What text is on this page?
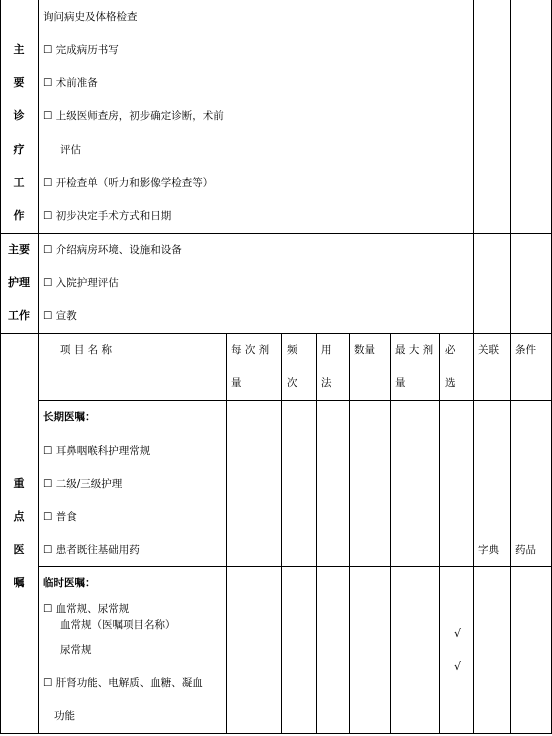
主
要
诊
疗
工
作
询问病史及体格检查
☐ 完成病历书写
☐ 术前准备
☐ 上级医师查房，初步确定诊断，术前
评估
☐ 开检查单（听力和影像学检查等）
☐ 初步决定手术方式和日期
主要
护理
工作
☐ 介绍病房环境、设施和设备
☐ 入院护理评估
☐ 宣教
项 目 名 称	每 次 剂
量
频
次
用
法
数量 最 大 剂
量
必
选
关联 条件
重
点
医
嘱
长期医嘱：
☐ 耳鼻咽喉科护理常规
☐ 二级/三级护理
☐ 普食
☐ 患者既往基础用药	字典 药品
临时医嘱：
☐ 血常规、尿常规
血常规（医嘱项目名称）
尿常规
☐ 肝肾功能、电解质、血糖、凝血
功能
√
√
